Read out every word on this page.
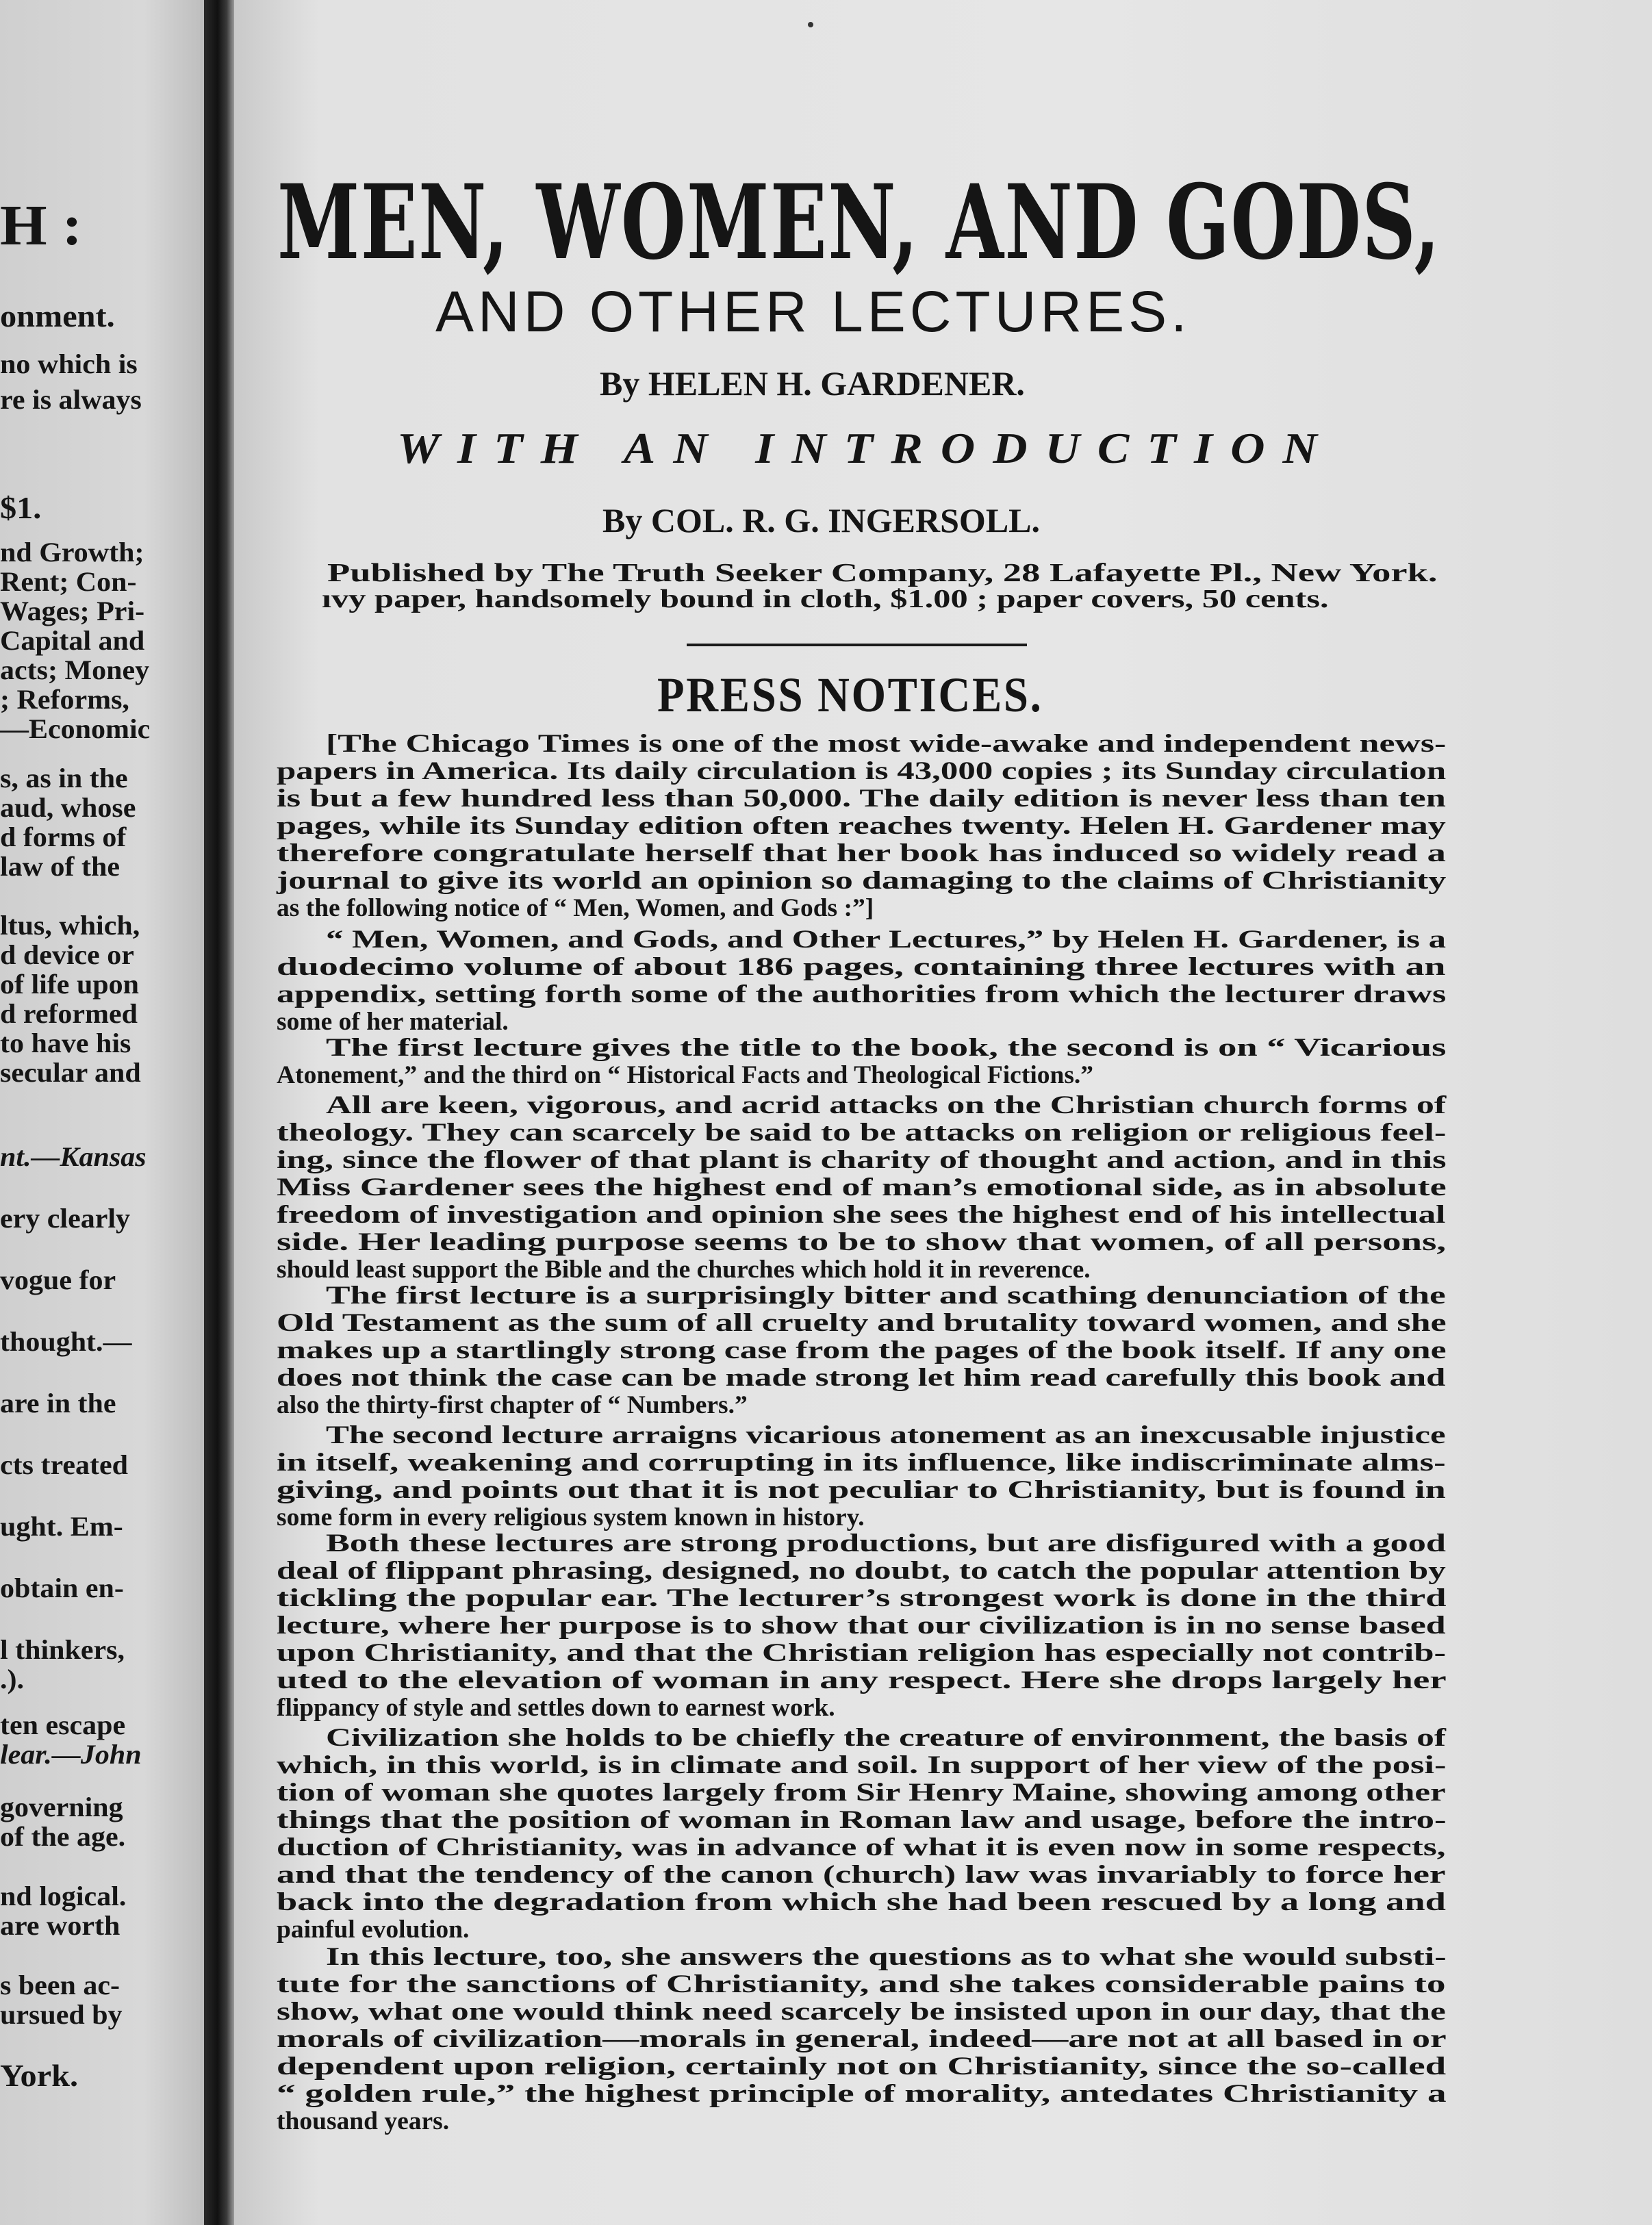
H :
onment.
no which is
re is always
$1.
nd Growth;
Rent; Con-
Wages; Pri-
Capital and
acts; Money
; Reforms,
—Economic
s, as in the
aud, whose
d forms of
law of the
ltus, which,
d device or
of life upon
d reformed
to have his
secular and
nt.—Kansas
ery clearly
vogue for
thought.—
are in the
cts treated
ught. Em-
obtain en-
l thinkers,
.).
ten escape
lear.—John
governing
of the age.
nd logical.
are worth
s been ac-
ursued by
York.
MEN, WOMEN, AND GODS,
AND OTHER LECTURES.
By HELEN H. GARDENER.
WITH AN INTRODUCTION
By COL. R. G. INGERSOLL.
Published by The Truth Seeker Company, 28 Lafayette Pl., New York.
ıvy paper, handsomely bound in cloth, $1.00 ; paper covers, 50 cents.
PRESS NOTICES.
[The Chicago Times is one of the most wide-awake and independent news-
papers in America. Its daily circulation is 43,000 copies ; its Sunday circulation
is but a few hundred less than 50,000. The daily edition is never less than ten
pages, while its Sunday edition often reaches twenty. Helen H. Gardener may
therefore congratulate herself that her book has induced so widely read a
journal to give its world an opinion so damaging to the claims of Christianity
as the following notice of “ Men, Women, and Gods :”]
“ Men, Women, and Gods, and Other Lectures,” by Helen H. Gardener, is a
duodecimo volume of about 186 pages, containing three lectures with an
appendix, setting forth some of the authorities from which the lecturer draws
some of her material.
The first lecture gives the title to the book, the second is on “ Vicarious
Atonement,” and the third on “ Historical Facts and Theological Fictions.”
All are keen, vigorous, and acrid attacks on the Christian church forms of
theology. They can scarcely be said to be attacks on religion or religious feel-
ing, since the flower of that plant is charity of thought and action, and in this
Miss Gardener sees the highest end of man’s emotional side, as in absolute
freedom of investigation and opinion she sees the highest end of his intellectual
side. Her leading purpose seems to be to show that women, of all persons,
should least support the Bible and the churches which hold it in reverence.
The first lecture is a surprisingly bitter and scathing denunciation of the
Old Testament as the sum of all cruelty and brutality toward women, and she
makes up a startlingly strong case from the pages of the book itself. If any one
does not think the case can be made strong let him read carefully this book and
also the thirty-first chapter of “ Numbers.”
The second lecture arraigns vicarious atonement as an inexcusable injustice
in itself, weakening and corrupting in its influence, like indiscriminate alms-
giving, and points out that it is not peculiar to Christianity, but is found in
some form in every religious system known in history.
Both these lectures are strong productions, but are disfigured with a good
deal of flippant phrasing, designed, no doubt, to catch the popular attention by
tickling the popular ear. The lecturer’s strongest work is done in the third
lecture, where her purpose is to show that our civilization is in no sense based
upon Christianity, and that the Christian religion has especially not contrib-
uted to the elevation of woman in any respect. Here she drops largely her
flippancy of style and settles down to earnest work.
Civilization she holds to be chiefly the creature of environment, the basis of
which, in this world, is in climate and soil. In support of her view of the posi-
tion of woman she quotes largely from Sir Henry Maine, showing among other
things that the position of woman in Roman law and usage, before the intro-
duction of Christianity, was in advance of what it is even now in some respects,
and that the tendency of the canon (church) law was invariably to force her
back into the degradation from which she had been rescued by a long and
painful evolution.
In this lecture, too, she answers the questions as to what she would substi-
tute for the sanctions of Christianity, and she takes considerable pains to
show, what one would think need scarcely be insisted upon in our day, that the
morals of civilization—morals in general, indeed—are not at all based in or
dependent upon religion, certainly not on Christianity, since the so-called
“ golden rule,” the highest principle of morality, antedates Christianity a
thousand years.
